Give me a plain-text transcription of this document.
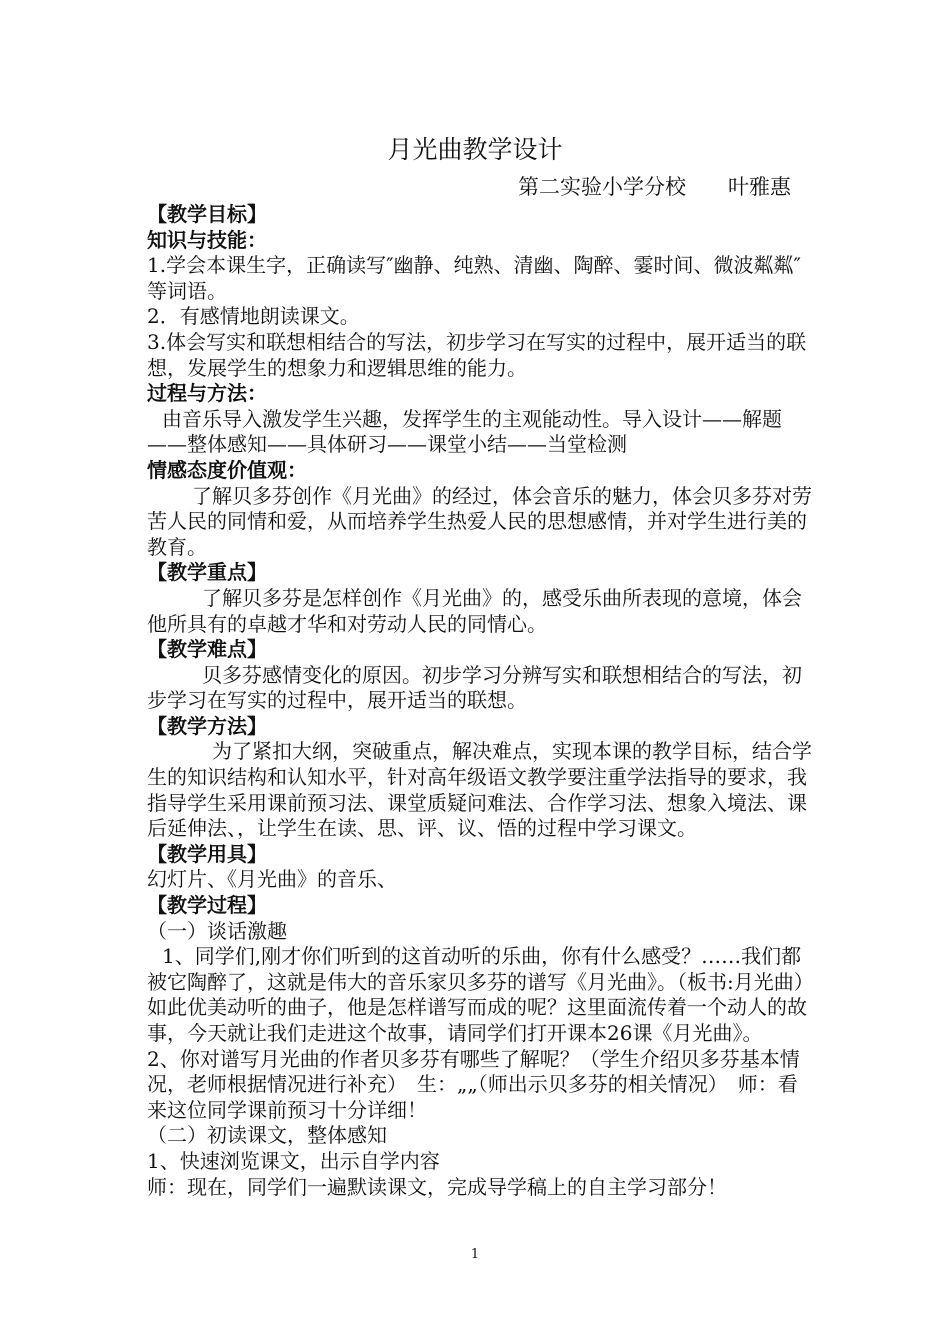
月光曲教学设计
第二实验小学分校 叶雅惠
【教学目标】
知识与技能：
1.学会本课生字，正确读写″幽静、纯熟、清幽、陶醉、霎时间、微波粼粼″等词语。
2．有感情地朗读课文。
3.体会写实和联想相结合的写法，初步学习在写实的过程中，展开适当的联想，发展学生的想象力和逻辑思维的能力。
过程与方法：
由音乐导入激发学生兴趣，发挥学生的主观能动性。导入设计——解题——整体感知——具体研习——课堂小结——当堂检测
情感态度价值观：
了解贝多芬创作《月光曲》的经过，体会音乐的魅力，体会贝多芬对劳苦人民的同情和爱，从而培养学生热爱人民的思想感情，并对学生进行美的教育。
【教学重点】
了解贝多芬是怎样创作《月光曲》的，感受乐曲所表现的意境，体会他所具有的卓越才华和对劳动人民的同情心。
【教学难点】
贝多芬感情变化的原因。初步学习分辨写实和联想相结合的写法，初步学习在写实的过程中，展开适当的联想。
【教学方法】
为了紧扣大纲，突破重点，解决难点，实现本课的教学目标，结合学生的知识结构和认知水平，针对高年级语文教学要注重学法指导的要求，我指导学生采用课前预习法、课堂质疑问难法、合作学习法、想象入境法、课后延伸法、，让学生在读、思、评、议、悟的过程中学习课文。
【教学用具】
幻灯片、《月光曲》的音乐、
【教学过程】
（一）谈话激趣
1、同学们,刚才你们听到的这首动听的乐曲，你有什么感受？……我们都被它陶醉了，这就是伟大的音乐家贝多芬的谱写《月光曲》。（板书:月光曲）如此优美动听的曲子，他是怎样谱写而成的呢？这里面流传着一个动人的故事，今天就让我们走进这个故事，请同学们打开课本26课《月光曲》。
2、你对谱写月光曲的作者贝多芬有哪些了解呢？（学生介绍贝多芬基本情况，老师根据情况进行补充）　生：„„（师出示贝多芬的相关情况）　师：看来这位同学课前预习十分详细！
（二）初读课文，整体感知
1、快速浏览课文，出示自学内容
师：现在，同学们一遍默读课文，完成导学稿上的自主学习部分！
1
